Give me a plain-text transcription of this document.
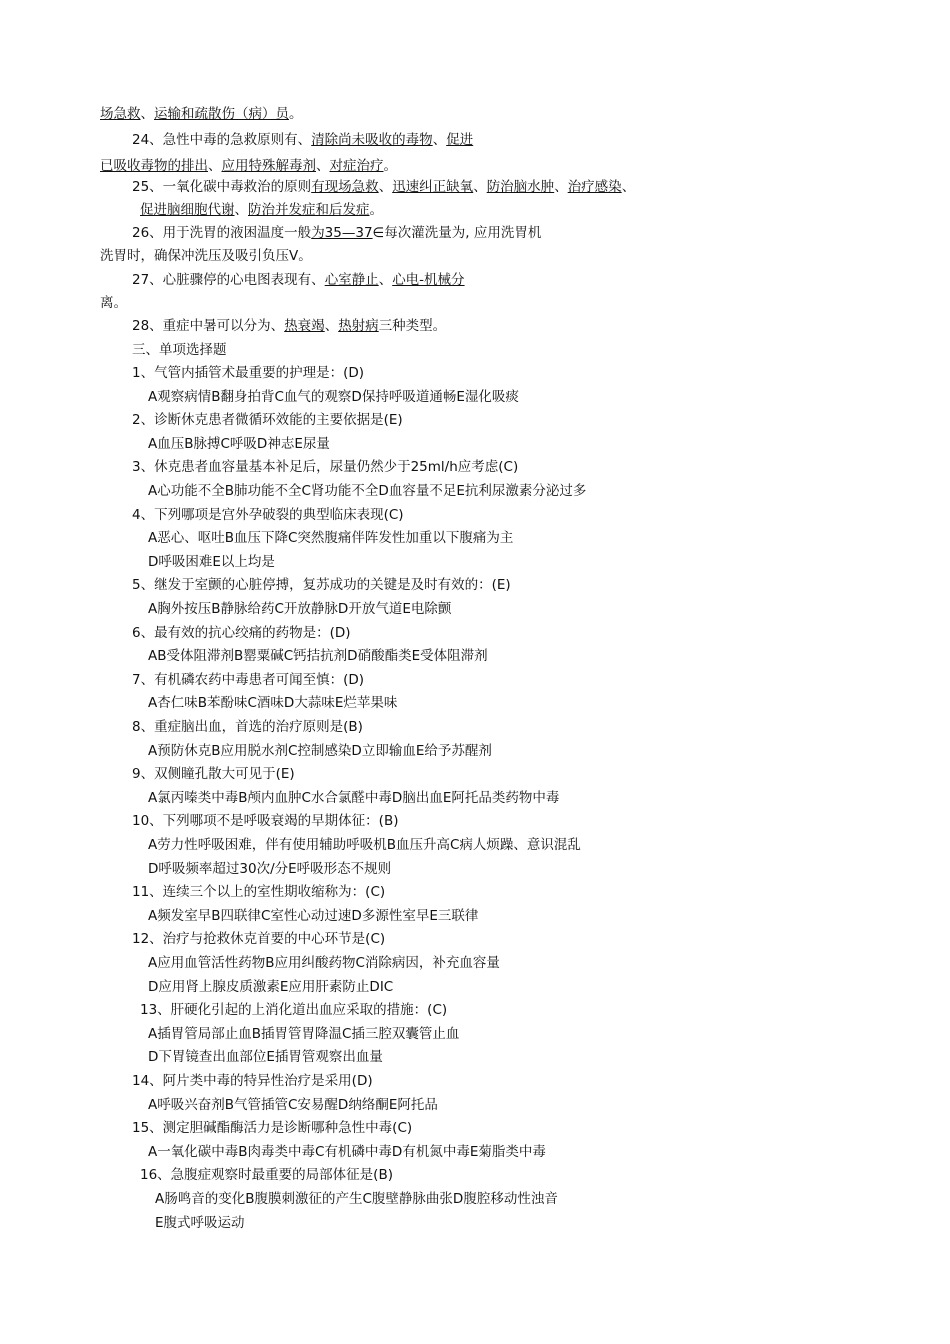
场急救、运输和疏散伤（病）员。
24、急性中毒的急救原则有、清除尚未吸收的毒物、促进
已吸收毒物的排出、应用特殊解毒剂、对症治疗。
25、一氧化碳中毒救治的原则有现场急救、迅速纠正缺氧、防治脑水肿、治疗感染、
促进脑细胞代谢、防治并发症和后发症。
26、用于洗胃的液困温度一般为35—37∈每次灌洗量为, 应用洗胃机
洗胃时，确保冲洗压及吸引负压V。
27、心脏骤停的心电图表现有、心室静止、心电-机械分
离。
28、重症中暑可以分为、热衰竭、热射病三种类型。
三、单项选择题
1、气管内插管术最重要的护理是：(D)
A观察病情B翻身拍背C血气的观察D保持呼吸道通畅E湿化吸痰
2、诊断休克患者微循环效能的主要依据是(E)
A血压B脉搏C呼吸D神志E尿量
3、休克患者血容量基本补足后，尿量仍然少于25ml/h应考虑(C)
A心功能不全B肺功能不全C肾功能不全D血容量不足E抗利尿激素分泌过多
4、下列哪项是宫外孕破裂的典型临床表现(C)
A恶心、呕吐B血压下降C突然腹痛伴阵发性加重以下腹痛为主
D呼吸困难E以上均是
5、继发于室颤的心脏停搏，复苏成功的关键是及时有效的：(E)
A胸外按压B静脉给药C开放静脉D开放气道E电除颤
6、最有效的抗心绞痛的药物是：(D)
AB受体阻滞剂B罂粟碱C钙拮抗剂D硝酸酯类E受体阻滞剂
7、有机磷农药中毒患者可闻至慎：(D)
A杏仁味B苯酚味C酒味D大蒜味E烂苹果味
8、重症脑出血，首选的治疗原则是(B)
A预防休克B应用脱水剂C控制感染D立即输血E给予苏醒剂
9、双侧瞳孔散大可见于(E)
A氯丙嗪类中毒B颅内血肿C水合氯醛中毒D脑出血E阿托品类药物中毒
10、下列哪项不是呼吸衰竭的早期体征：(B)
A劳力性呼吸困难，伴有使用辅助呼吸机B血压升高C病人烦躁、意识混乱
D呼吸频率超过30次/分E呼吸形态不规则
11、连续三个以上的室性期收缩称为：(C)
A频发室早B四联律C室性心动过速D多源性室早E三联律
12、治疗与抢救休克首要的中心环节是(C)
A应用血管活性药物B应用纠酸药物C消除病因，补充血容量
D应用肾上腺皮质激素E应用肝素防止DIC
13、肝硬化引起的上消化道出血应采取的措施：(C)
A插胃管局部止血B插胃管胃降温C插三腔双囊管止血
D下胃镜查出血部位E插胃管观察出血量
14、阿片类中毒的特异性治疗是采用(D)
A呼吸兴奋剂B气管插管C安易醒D纳络酮E阿托品
15、测定胆碱酯酶活力是诊断哪种急性中毒(C)
A一氧化碳中毒B肉毒类中毒C有机磷中毒D有机氮中毒E菊脂类中毒
16、急腹症观察时最重要的局部体征是(B)
A肠鸣音的变化B腹膜刺激征的产生C腹壁静脉曲张D腹腔移动性浊音
E腹式呼吸运动
